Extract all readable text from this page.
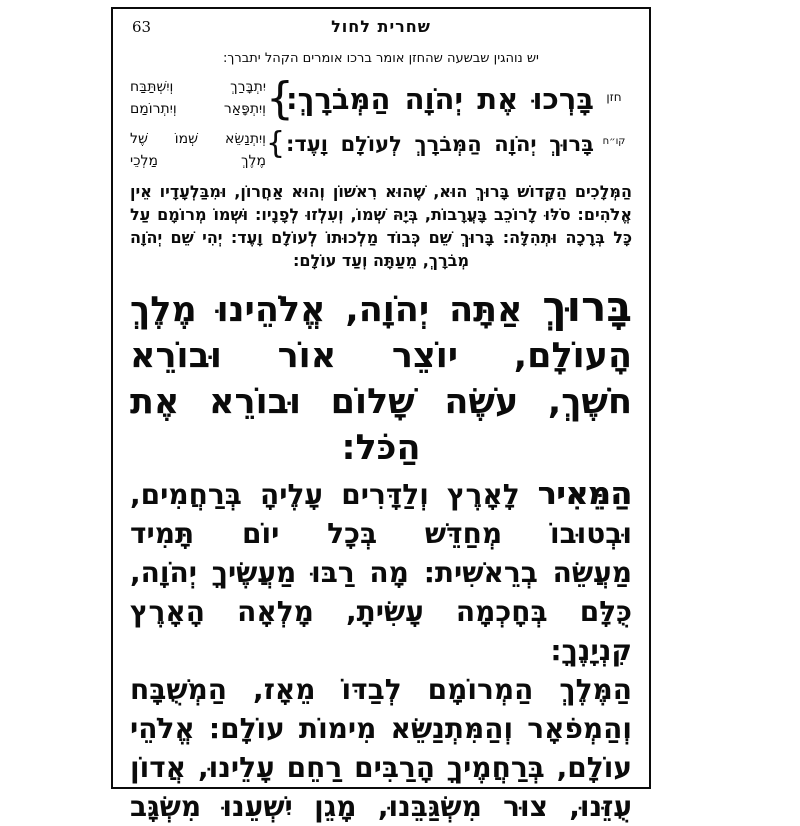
שחרית לחול
63
יש נוהגין שבשעה שהחזן אומר ברכו אומרים הקהל יתברך:
חזן
בָּרְכוּ אֶת יְהֹוָה הַמְּבֹרָךְ:
{
יִתְבָּרַךְ וְיִשְׁתַּבַּח
וְיִתְפָּאַר וְיִתְרוֹמַם
קו״ח
בָּרוּךְ יְהֹוָה הַמְּבֹרָךְ לְעוֹלָם וָעֶד:
{
וְיִתְנַשֵּׂא שְׁמוֹ שֶׁל
מֶלֶךְ מַלְכֵי
הַמְּלָכִים הַקָּדוֹשׁ בָּרוּךְ הוּא, שֶׁהוּא רִאשׁוֹן וְהוּא אַחֲרוֹן, וּמִבַּלְעָדָיו אֵין
אֱלֹהִים: סֹלּוּ לָרוֹכֵב בָּעֲרָבוֹת, בְּיָהּ שְׁמוֹ, וְעִלְזוּ לְפָנָיו: וּשְׁמוֹ מְרוֹמָם עַל
כָּל בְּרָכָה וּתְהִלָּה: בָּרוּךְ שֵׁם כְּבוֹד מַלְכוּתוֹ לְעוֹלָם וָעֶד: יְהִי שֵׁם יְהֹוָה
מְבֹרָךְ, מֵעַתָּה וְעַד עוֹלָם:
בָּרוּךְ אַתָּה יְהֹוָה, אֱלֹהֵינוּ מֶלֶךְ
הָעוֹלָם, יוֹצֵר אוֹר וּבוֹרֵא
חֹשֶׁךְ, עֹשֶׂה שָׁלוֹם וּבוֹרֵא אֶת
הַכֹּל:
הַמֵּאִיר לָאָרֶץ וְלַדָּרִים עָלֶיהָ בְּרַחֲמִים,
וּבְטוּבוֹ מְחַדֵּשׁ בְּכָל יוֹם תָּמִיד
מַעֲשֵׂה בְרֵאשִׁית: מָה רַבּוּ מַעֲשֶׂיךָ יְהֹוָה,
כֻּלָּם בְּחָכְמָה עָשִׂיתָ, מָלְאָה הָאָרֶץ קִנְיָנֶךָ:
הַמֶּלֶךְ הַמְרוֹמָם לְבַדּוֹ מֵאָז, הַמְשֻׁבָּח
וְהַמְפֹאָר וְהַמִּתְנַשֵּׂא מִימוֹת עוֹלָם: אֱלֹהֵי
עוֹלָם, בְּרַחֲמֶיךָ הָרַבִּים רַחֵם עָלֵינוּ, אֲדוֹן
עֻזֵּנוּ, צוּר מִשְׂגַּבֵּנוּ, מָגֵן יִשְׁעֵנוּ מִשְׂגָּב
